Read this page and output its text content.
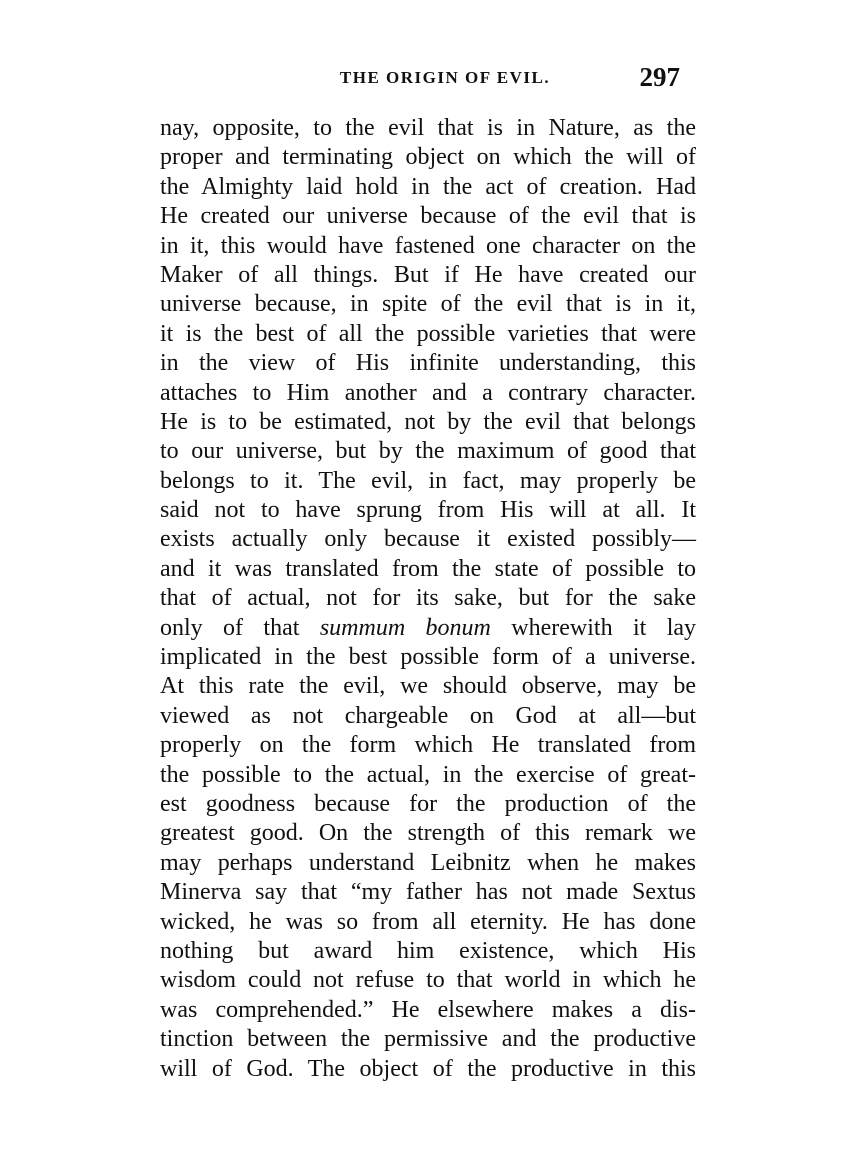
THE ORIGIN OF EVIL.	297
nay, opposite, to the evil that is in Nature, as the
proper and terminating object on which the will of
the Almighty laid hold in the act of creation. Had
He created our universe because of the evil that is
in it, this would have fastened one character on the
Maker of all things. But if He have created our
universe because, in spite of the evil that is in it,
it is the best of all the possible varieties that were
in the view of His infinite understanding, this
attaches to Him another and a contrary character.
He is to be estimated, not by the evil that belongs
to our universe, but by the maximum of good that
belongs to it. The evil, in fact, may properly be
said not to have sprung from His will at all. It
exists actually only because it existed possibly—
and it was translated from the state of possible to
that of actual, not for its sake, but for the sake
only of that summum bonum wherewith it lay
implicated in the best possible form of a universe.
At this rate the evil, we should observe, may be
viewed as not chargeable on God at all—but
properly on the form which He translated from
the possible to the actual, in the exercise of great-
est goodness because for the production of the
greatest good. On the strength of this remark we
may perhaps understand Leibnitz when he makes
Minerva say that “my father has not made Sextus
wicked, he was so from all eternity. He has done
nothing but award him existence, which His
wisdom could not refuse to that world in which he
was comprehended.” He elsewhere makes a dis-
tinction between the permissive and the productive
will of God. The object of the productive in this
